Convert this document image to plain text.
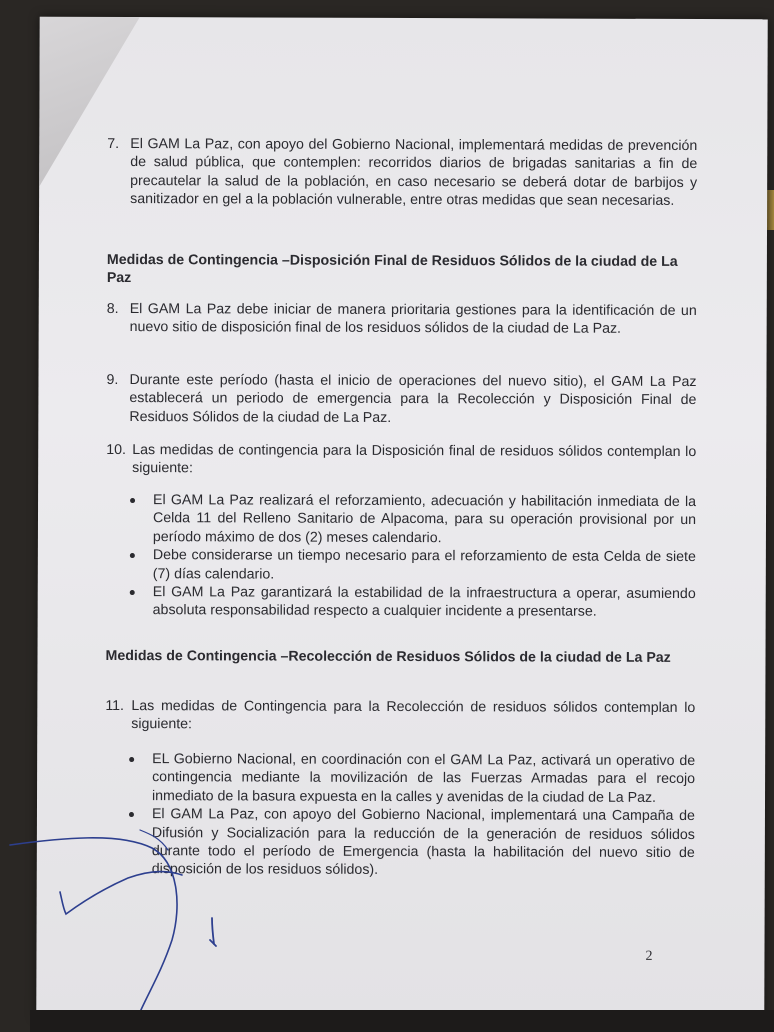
7. El GAM La Paz, con apoyo del Gobierno Nacional, implementará medidas de prevención de salud pública, que contemplen: recorridos diarios de brigadas sanitarias a fin de precautelar la salud de la población, en caso necesario se deberá dotar de barbijos y sanitizador en gel a la población vulnerable, entre otras medidas que sean necesarias.
Medidas de Contingencia –Disposición Final de Residuos Sólidos de la ciudad de La Paz
8. El GAM La Paz debe iniciar de manera prioritaria gestiones para la identificación de un nuevo sitio de disposición final de los residuos sólidos de la ciudad de La Paz.
9. Durante este período (hasta el inicio de operaciones del nuevo sitio), el GAM La Paz establecerá un periodo de emergencia para la Recolección y Disposición Final de Residuos Sólidos de la ciudad de La Paz.
10. Las medidas de contingencia para la Disposición final de residuos sólidos contemplan lo siguiente:
El GAM La Paz realizará el reforzamiento, adecuación y habilitación inmediata de la Celda 11 del Relleno Sanitario de Alpacoma, para su operación provisional por un período máximo de dos (2) meses calendario.
Debe considerarse un tiempo necesario para el reforzamiento de esta Celda de siete (7) días calendario.
El GAM La Paz garantizará la estabilidad de la infraestructura a operar, asumiendo absoluta responsabilidad respecto a cualquier incidente a presentarse.
Medidas de Contingencia –Recolección de Residuos Sólidos de la ciudad de La Paz
11. Las medidas de Contingencia para la Recolección de residuos sólidos contemplan lo siguiente:
EL Gobierno Nacional, en coordinación con el GAM La Paz, activará un operativo de contingencia mediante la movilización de las Fuerzas Armadas para el recojo inmediato de la basura expuesta en la calles y avenidas de la ciudad de La Paz.
El GAM La Paz, con apoyo del Gobierno Nacional, implementará una Campaña de Difusión y Socialización para la reducción de la generación de residuos sólidos durante todo el período de Emergencia (hasta la habilitación del nuevo sitio de disposición de los residuos sólidos).
2
